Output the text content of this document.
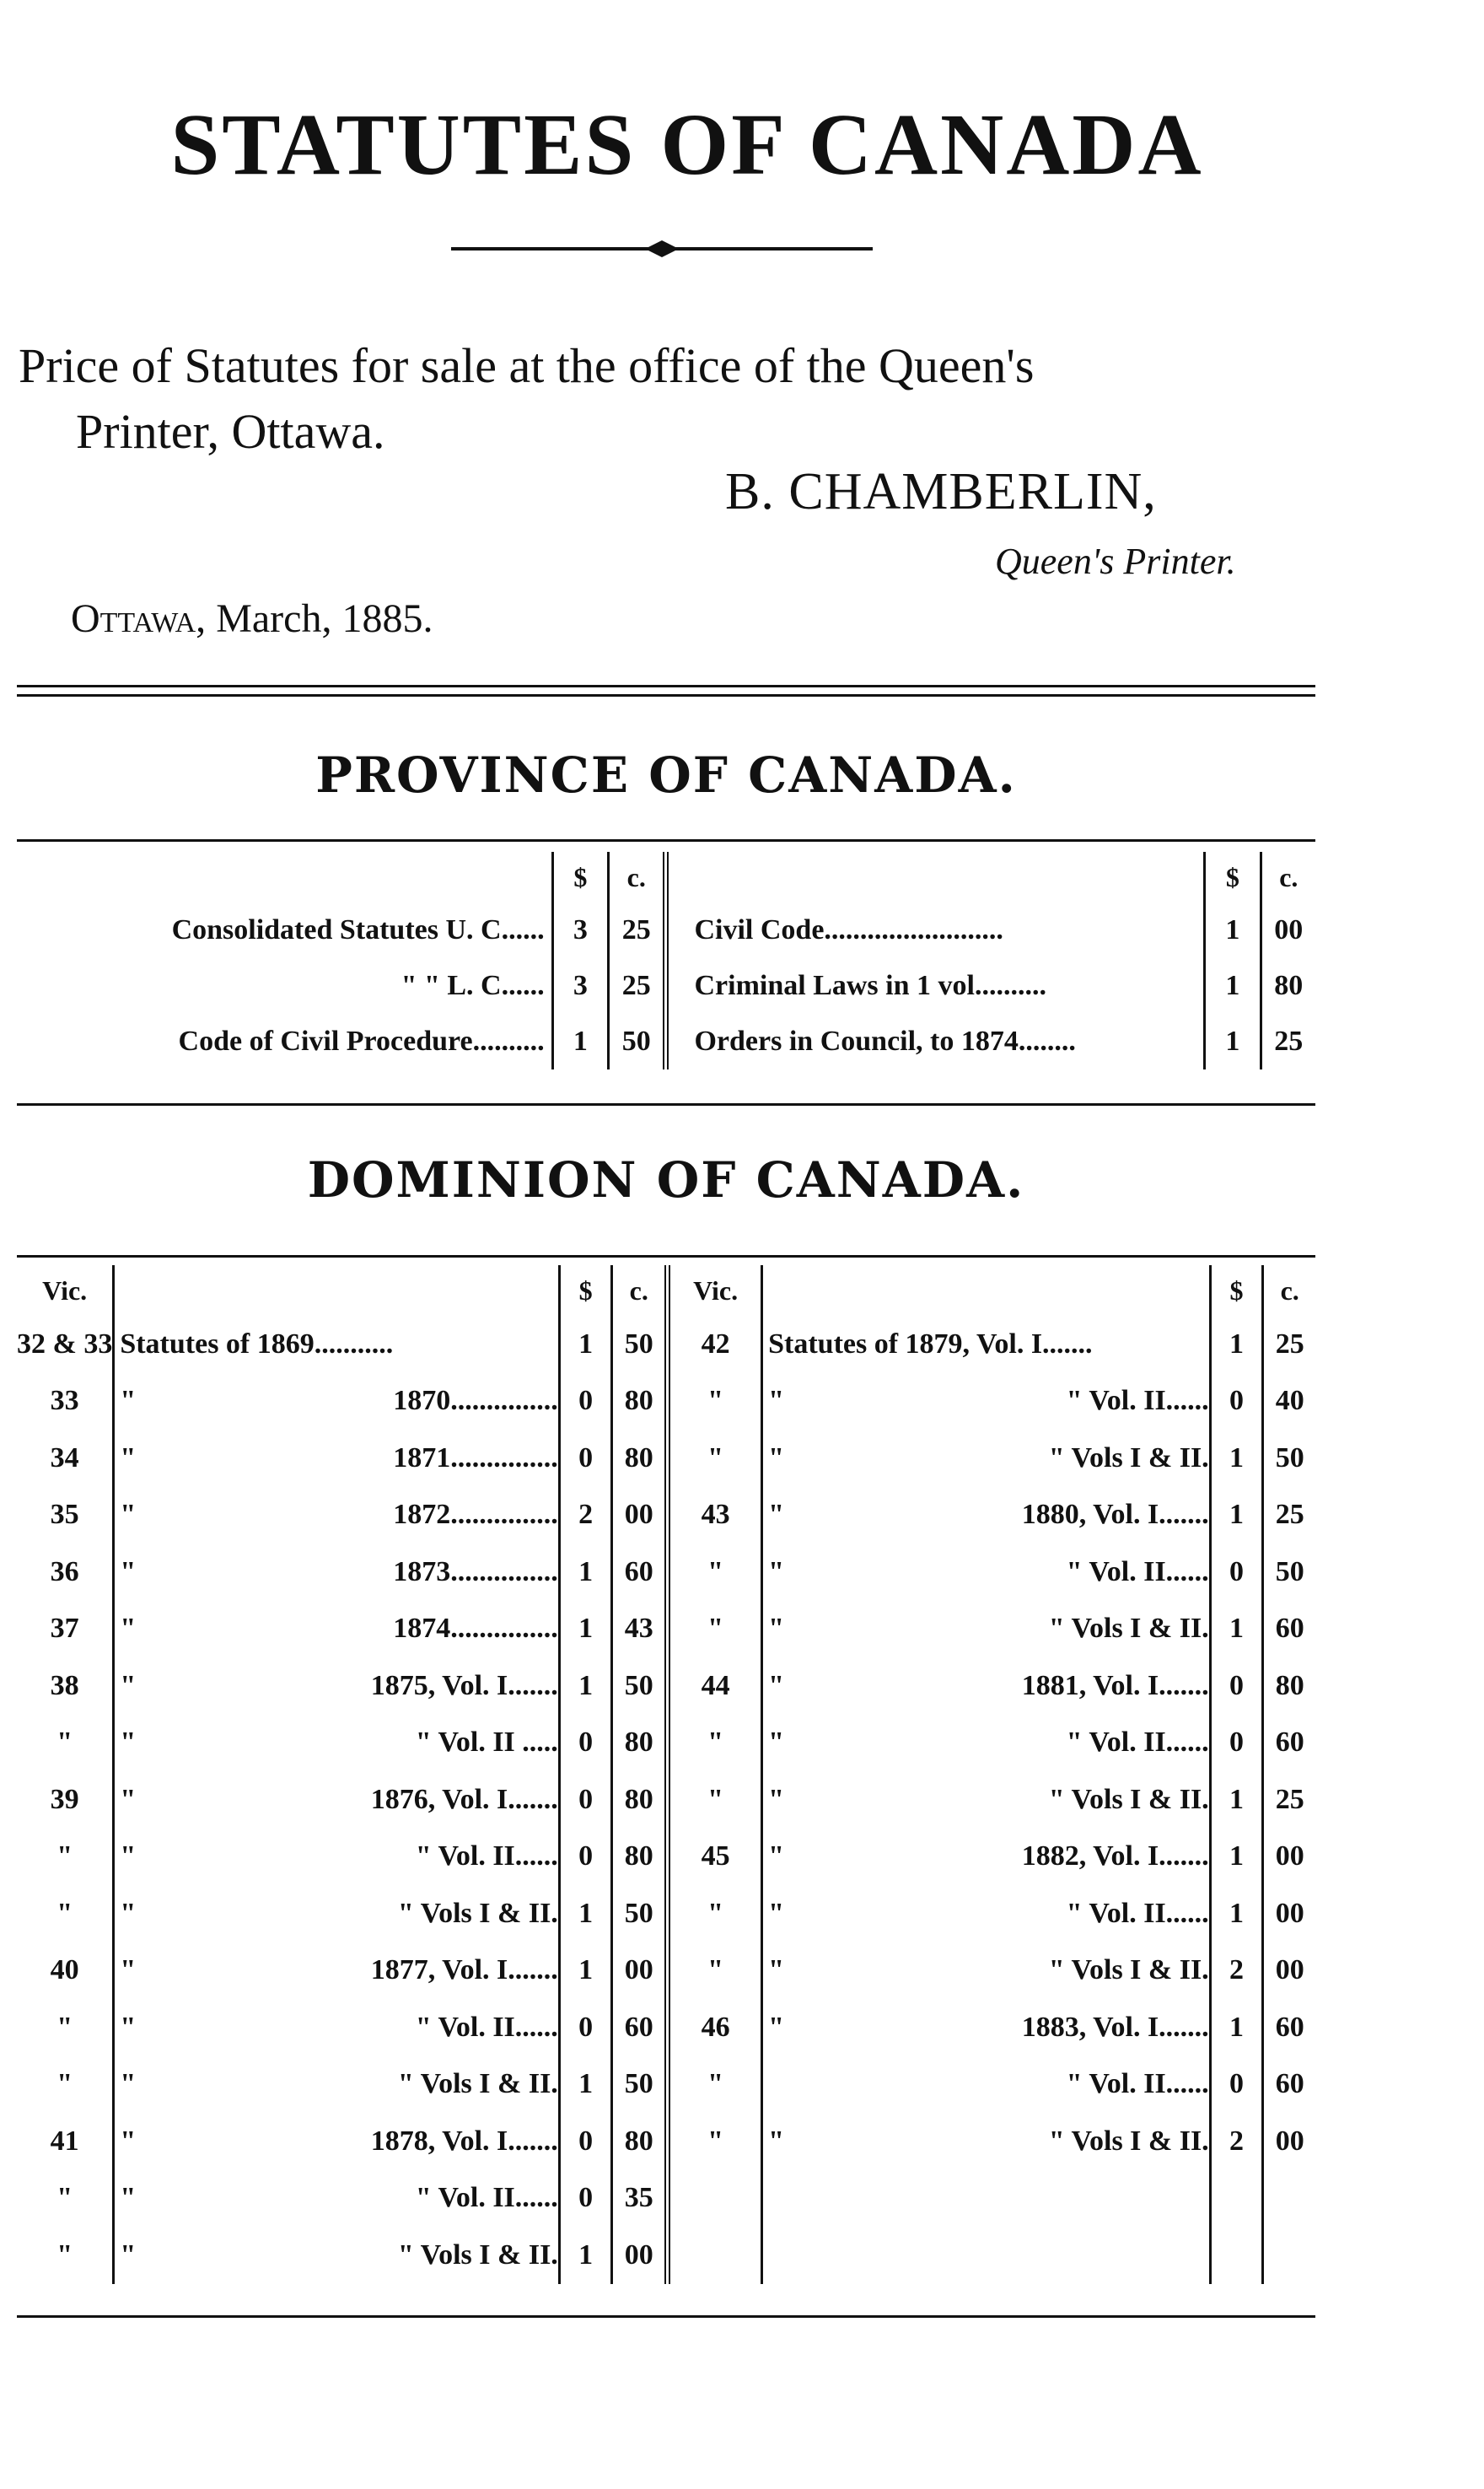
STATUTES OF CANADA
Price of Statutes for sale at the office of the Queen's
Printer, Ottawa.
B. CHAMBERLIN,
Queen's Printer.
Ottawa, March, 1885.
PROVINCE OF CANADA.
	$	c.		$	c.
Consolidated Statutes U. C......	3	25	Civil Code.........................	1	00
" " L. C......	3	25	Criminal Laws in 1 vol..........	1	80
Code of Civil Procedure..........	1	50	Orders in Council, to 1874........	1	25
DOMINION OF CANADA.
Vic.		$	c.	Vic.		$	c.
32 & 33	Statutes of 1869...........	1	50	42	Statutes of 1879, Vol. I.......	1	25
33	" 1870...............	0	80	"	" " Vol. II......	0	40
34	" 1871...............	0	80	"	" " Vols I & II.	1	50
35	" 1872...............	2	00	43	" 1880, Vol. I.......	1	25
36	" 1873...............	1	60	"	" " Vol. II......	0	50
37	" 1874...............	1	43	"	" " Vols I & II.	1	60
38	" 1875, Vol. I.......	1	50	44	" 1881, Vol. I.......	0	80
"	" " Vol. II .....	0	80	"	" " Vol. II......	0	60
39	" 1876, Vol. I.......	0	80	"	" " Vols I & II.	1	25
"	" " Vol. II......	0	80	45	" 1882, Vol. I.......	1	00
"	" " Vols I & II.	1	50	"	" " Vol. II......	1	00
40	" 1877, Vol. I.......	1	00	"	" " Vols I & II.	2	00
"	" " Vol. II......	0	60	46	" 1883, Vol. I.......	1	60
"	" " Vols I & II.	1	50	"	" Vol. II......	0	60
41	" 1878, Vol. I.......	0	80	"	" " Vols I & II.	2	00
"	" " Vol. II......	0	35		

"	" " Vols I & II.	1	00		
